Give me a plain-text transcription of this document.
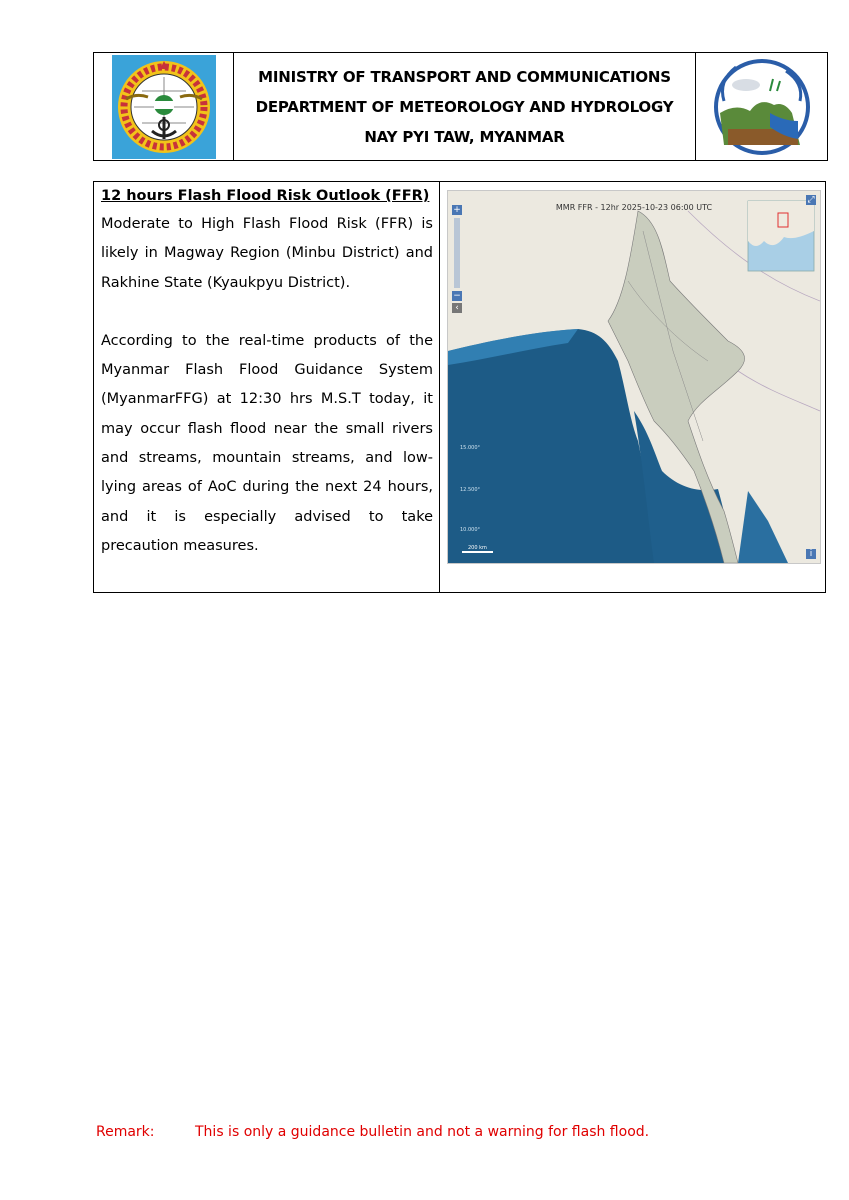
MINISTRY OF TRANSPORT AND COMMUNICATIONS
DEPARTMENT OF METEOROLOGY AND HYDROLOGY
NAY PYI TAW, MYANMAR

12 hours Flash Flood Risk Outlook (FFR)

Moderate to High Flash Flood Risk (FFR) is likely in Magway Region (Minbu District) and Rakhine State (Kyaukpyu District).

According to the real-time products of the Myanmar Flash Flood Guidance System (MyanmarFFG) at 12:30 hrs M.S.T today, it may occur flash flood near the small rivers and streams, mountain streams, and low-lying areas of AoC during the next 24 hours, and it is especially advised to take precaution measures.

15.000°
12.500°
10.000°
MMR FFR - 12hr 2025-10-23 06:00 UTC
+
−
‹
⤢
i
200 km
Remark:	This is only a guidance bulletin and not a warning for flash flood.
